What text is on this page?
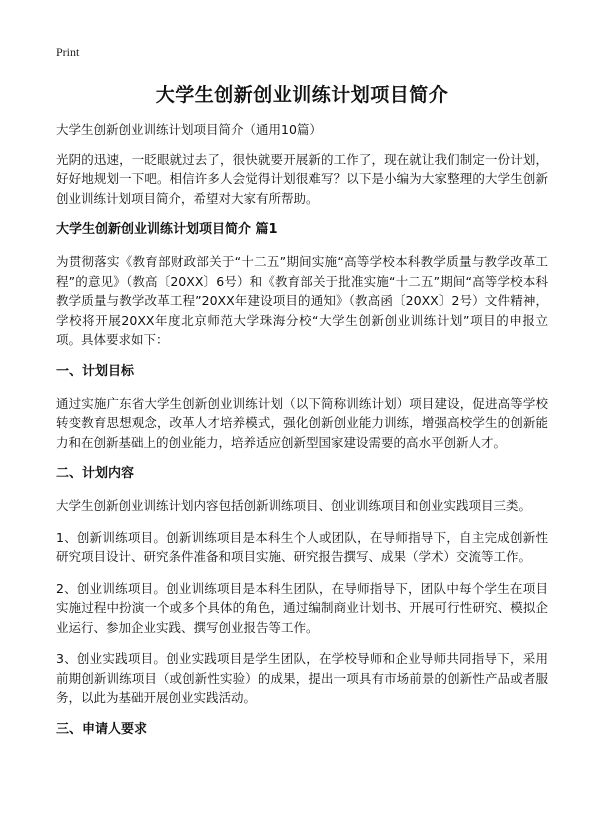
Print
大学生创新创业训练计划项目简介

大学生创新创业训练计划项目简介（通用10篇）

光阴的迅速，一眨眼就过去了，很快就要开展新的工作了，现在就让我们制定一份计划，好好地规划一下吧。相信许多人会觉得计划很难写？以下是小编为大家整理的大学生创新创业训练计划项目简介，希望对大家有所帮助。

大学生创新创业训练计划项目简介 篇1

为贯彻落实《教育部财政部关于“十二五”期间实施“高等学校本科教学质量与教学改革工程”的意见》（教高〔20XX〕6号）和《教育部关于批准实施“十二五”期间“高等学校本科教学质量与教学改革工程”20XX年建设项目的通知》（教高函〔20XX〕2号）文件精神，学校将开展20XX年度北京师范大学珠海分校“大学生创新创业训练计划”项目的申报立项。具体要求如下：

一、计划目标

通过实施广东省大学生创新创业训练计划（以下简称训练计划）项目建设，促进高等学校转变教育思想观念，改革人才培养模式，强化创新创业能力训练，增强高校学生的创新能力和在创新基础上的创业能力，培养适应创新型国家建设需要的高水平创新人才。

二、计划内容

大学生创新创业训练计划内容包括创新训练项目、创业训练项目和创业实践项目三类。

1、创新训练项目。创新训练项目是本科生个人或团队，在导师指导下，自主完成创新性研究项目设计、研究条件准备和项目实施、研究报告撰写、成果（学术）交流等工作。

2、创业训练项目。创业训练项目是本科生团队，在导师指导下，团队中每个学生在项目实施过程中扮演一个或多个具体的角色，通过编制商业计划书、开展可行性研究、模拟企业运行、参加企业实践、撰写创业报告等工作。

3、创业实践项目。创业实践项目是学生团队，在学校导师和企业导师共同指导下，采用前期创新训练项目（或创新性实验）的成果，提出一项具有市场前景的创新性产品或者服务，以此为基础开展创业实践活动。

三、申请人要求
